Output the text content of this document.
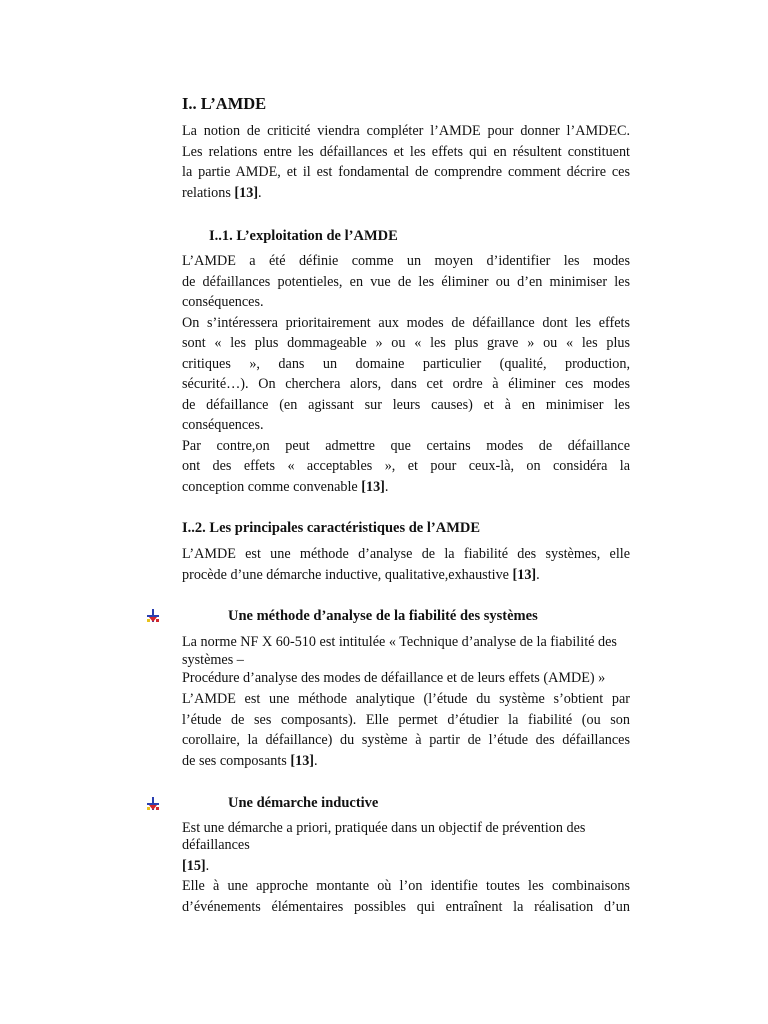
I.. L’AMDE
La notion de criticité viendra compléter l’AMDE pour donner l’AMDEC.
Les relations entre les défaillances et les effets qui en résultent constituent
la partie AMDE, et il est fondamental de comprendre comment décrire ces
relations [13].
I..1. L’exploitation de l’AMDE
L’AMDE a été définie comme un moyen d’identifier les modes
de défaillances potentieles, en vue de les éliminer ou d’en minimiser les
conséquences.
On s’intéressera prioritairement aux modes de défaillance dont les effets
sont « les plus dommageable » ou « les plus grave » ou « les plus
critiques », dans un domaine particulier (qualité, production,
sécurité…). On cherchera alors, dans cet ordre à éliminer ces modes
de défaillance (en agissant sur leurs causes) et à en minimiser les
conséquences.
Par contre,on peut admettre que certains modes de défaillance
ont des effets « acceptables », et pour ceux-là, on considéra la
conception comme convenable [13].
I..2. Les principales caractéristiques de l’AMDE
L’AMDE est une méthode d’analyse de la fiabilité des systèmes, elle
procède d’une démarche inductive, qualitative,exhaustive [13].
Une méthode d’analyse de la fiabilité des systèmes
La norme NF X 60-510 est intitulée « Technique d’analyse de la fiabilité des systèmes –
Procédure d’analyse des modes de défaillance et de leurs effets (AMDE) »
L’AMDE est une méthode analytique (l’étude du système s’obtient par
l’étude de ses composants). Elle permet d’étudier la fiabilité (ou son
corollaire, la défaillance) du système à partir de l’étude des défaillances
de ses composants [13].
Une démarche inductive
Est une démarche a priori, pratiquée dans un objectif de prévention des défaillances
[15].
Elle à une approche montante où l’on identifie toutes les combinaisons
d’événements élémentaires possibles qui entraînent la réalisation d’un
